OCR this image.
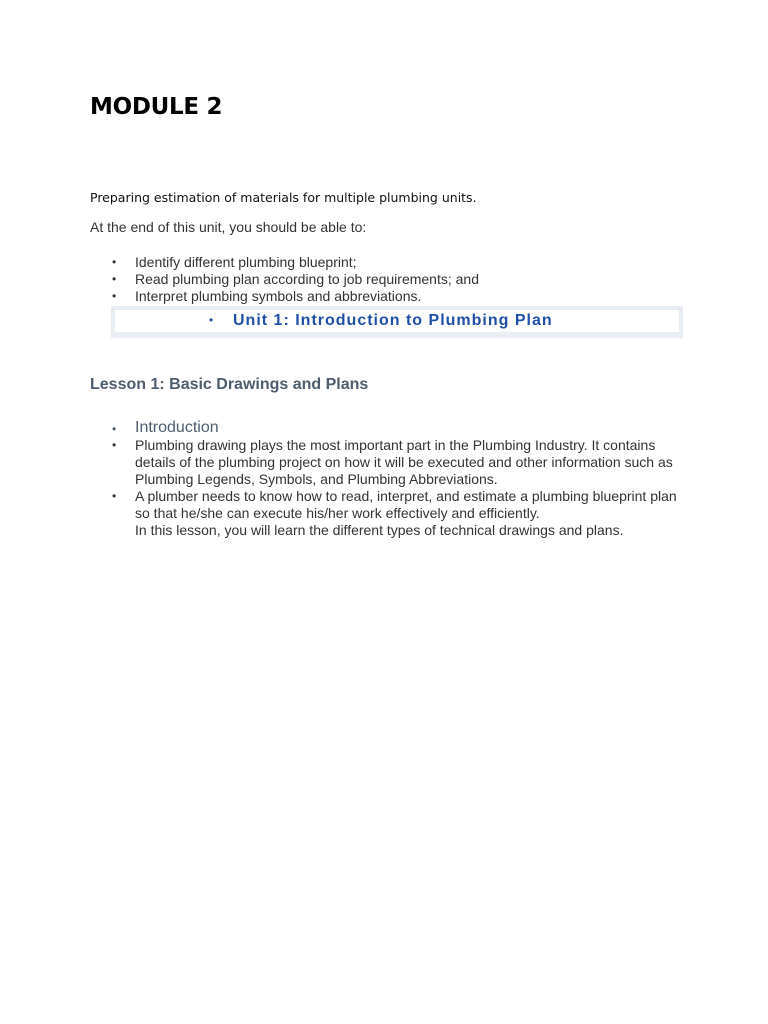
MODULE 2

Preparing estimation of materials for multiple plumbing units.

At the end of this unit, you should be able to:

• Identify different plumbing blueprint;
• Read plumbing plan according to job requirements; and
• Interpret plumbing symbols and abbreviations.
• Unit 1: Introduction to Plumbing Plan
Lesson 1: Basic Drawings and Plans
• Introduction
• Plumbing drawing plays the most important part in the Plumbing Industry. It contains details of the plumbing project on how it will be executed and other information such as Plumbing Legends, Symbols, and Plumbing Abbreviations.
• A plumber needs to know how to read, interpret, and estimate a plumbing blueprint plan so that he/she can execute his/her work effectively and efficiently.
In this lesson, you will learn the different types of technical drawings and plans.
